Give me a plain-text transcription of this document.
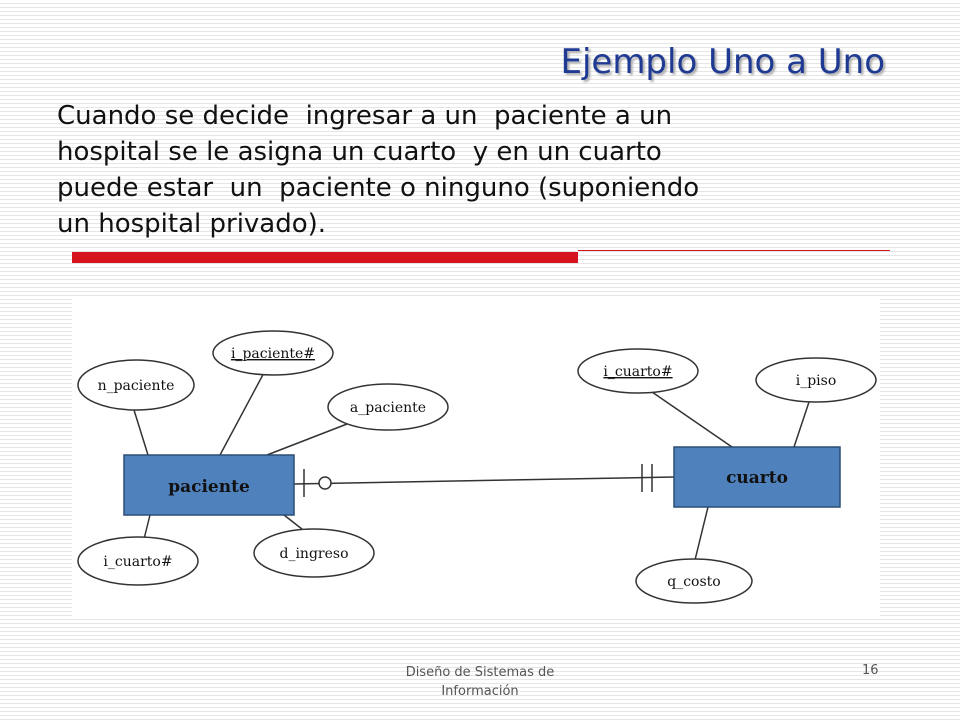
Ejemplo Uno a Uno
Cuando se decide  ingresar a un  paciente a un
hospital se le asigna un cuarto  y en un cuarto
puede estar  un  paciente o ninguno (suponiendo
un hospital privado).
paciente	cuarto
n_paciente
i_paciente#
a_paciente
i_cuarto#	d_ingreso
i_cuarto#
i_piso
q_costo
Diseño de Sistemas de Información
16
